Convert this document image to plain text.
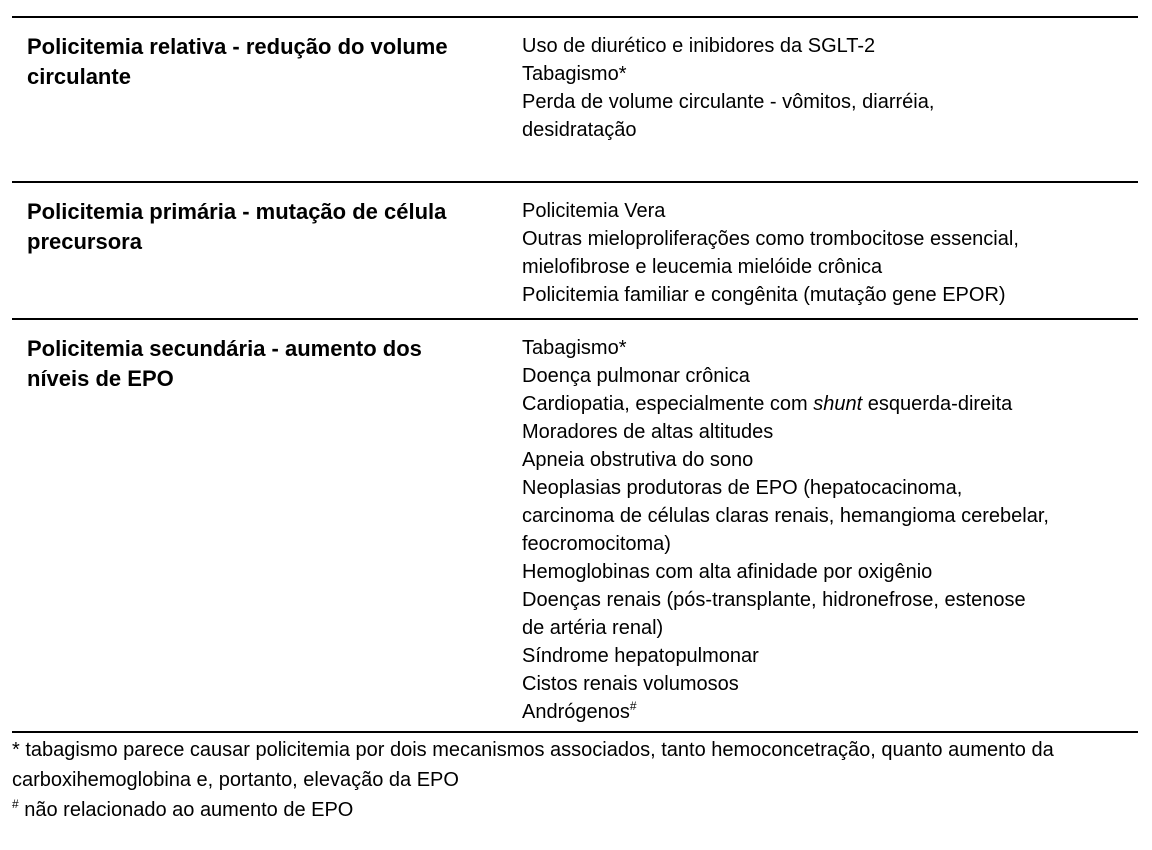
Policitemia relativa - redução do volume circulante
Uso de diurético e inibidores da SGLT-2
Tabagismo*
Perda de volume circulante - vômitos, diarréia, desidratação
Policitemia primária - mutação de célula precursora
Policitemia Vera
Outras mieloproliferações como trombocitose essencial, mielofibrose e leucemia mielóide crônica
Policitemia familiar e congênita (mutação gene EPOR)
Policitemia secundária - aumento dos níveis de EPO
Tabagismo*
Doença pulmonar crônica
Cardiopatia, especialmente com shunt esquerda-direita
Moradores de altas altitudes
Apneia obstrutiva do sono
Neoplasias produtoras de EPO (hepatocacinoma, carcinoma de células claras renais, hemangioma cerebelar, feocromocitoma)
Hemoglobinas com alta afinidade por oxigênio
Doenças renais (pós-transplante, hidronefrose, estenose de artéria renal)
Síndrome hepatopulmonar
Cistos renais volumosos
Andrógenos#
* tabagismo parece causar policitemia por dois mecanismos associados, tanto hemoconcetração, quanto aumento da carboxihemoglobina e, portanto, elevação da EPO
# não relacionado ao aumento de EPO
